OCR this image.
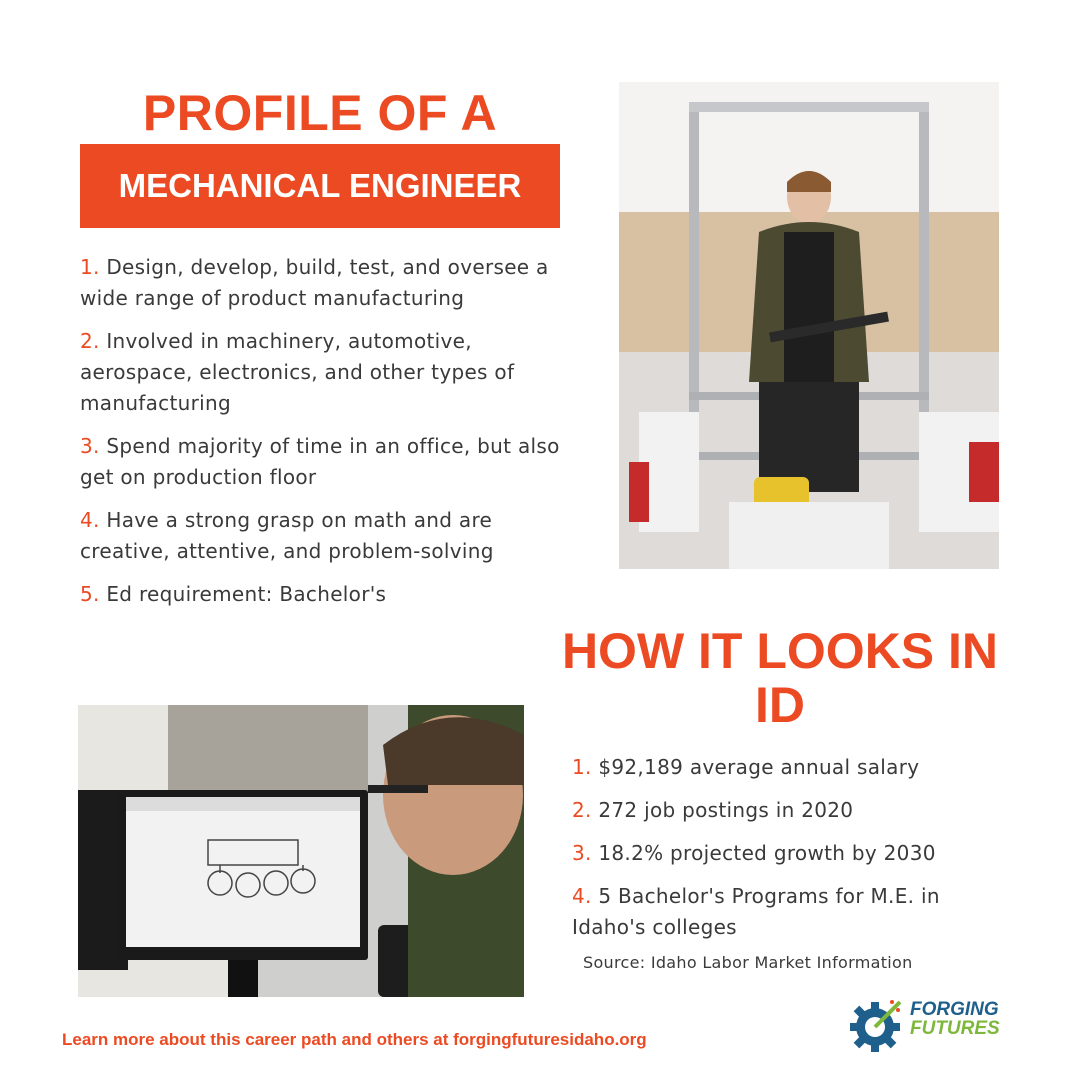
PROFILE OF A
MECHANICAL ENGINEER
1. Design, develop, build, test, and oversee a wide range of product manufacturing
2. Involved in machinery, automotive, aerospace, electronics, and other types of manufacturing
3. Spend majority of time in an office, but also get on production floor
4. Have a strong grasp on math and are creative, attentive, and problem-solving
5. Ed requirement: Bachelor's
HOW IT LOOKS IN ID
1. $92,189 average annual salary
2. 272 job postings in 2020
3. 18.2% projected growth by 2030
4. 5 Bachelor's Programs for M.E. in Idaho's colleges
Source: Idaho Labor Market Information
Learn more about this career path and others at forgingfuturesidaho.org
FORGING
FUTURES
